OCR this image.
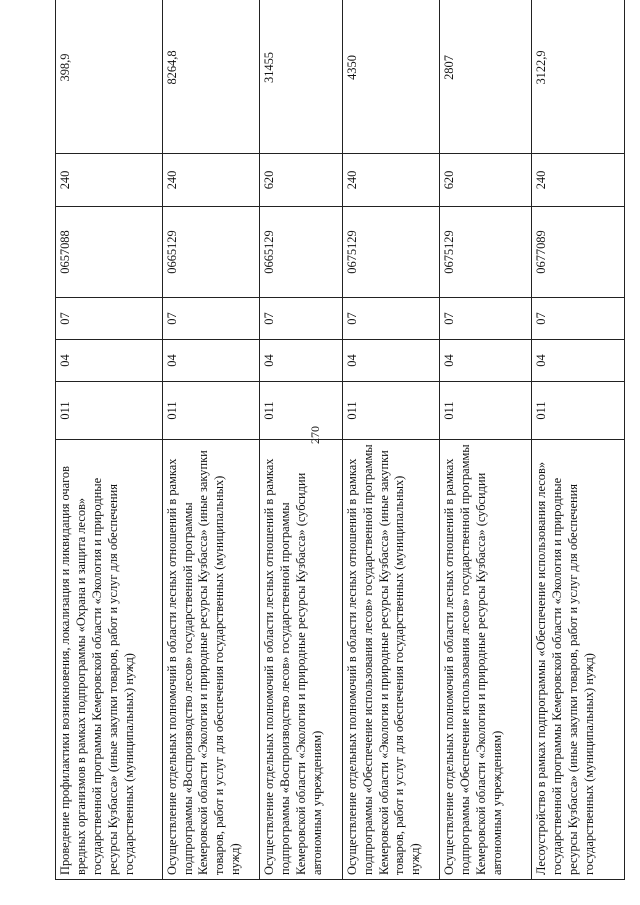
270
Проведение профилактики возникновения, локализация и ликвидация очагов вредных организмов в рамках подпрограммы «Охрана и защита лесов» государственной программы Кемеровской области «Экология и природные ресурсы Кузбасса» (иные закупки товаров, работ и услуг для обеспечения государственных (муниципальных) нужд)	011	04	07	0657088	240	398,9
Осуществление отдельных полномочий в области лесных отношений в рамках подпрограммы «Воспроизводство лесов» государственной программы Кемеровской области «Экология и природные ресурсы Кузбасса» (иные закупки товаров, работ и услуг для обеспечения государственных (муниципальных) нужд)	011	04	07	0665129	240	8264,8
Осуществление отдельных полномочий в области лесных отношений в рамках подпрограммы «Воспроизводство лесов» государственной программы Кемеровской области «Экология и природные ресурсы Кузбасса» (субсидии автономным учреждениям)	011	04	07	0665129	620	31455
Осуществление отдельных полномочий в области лесных отношений в рамках подпрограммы «Обеспечение использования лесов» государственной программы Кемеровской области «Экология и природные ресурсы Кузбасса» (иные закупки товаров, работ и услуг для обеспечения государственных (муниципальных) нужд)	011	04	07	0675129	240	4350
Осуществление отдельных полномочий в области лесных отношений в рамках подпрограммы «Обеспечение использования лесов» государственной программы Кемеровской области «Экология и природные ресурсы Кузбасса» (субсидии автономным учреждениям)	011	04	07	0675129	620	2807
Лесоустройство в рамках подпрограммы «Обеспечение использования лесов» государственной программы Кемеровской области «Экология и природные ресурсы Кузбасса» (иные закупки товаров, работ и услуг для обеспечения государственных (муниципальных) нужд)	011	04	07	0677089	240	3122,9
